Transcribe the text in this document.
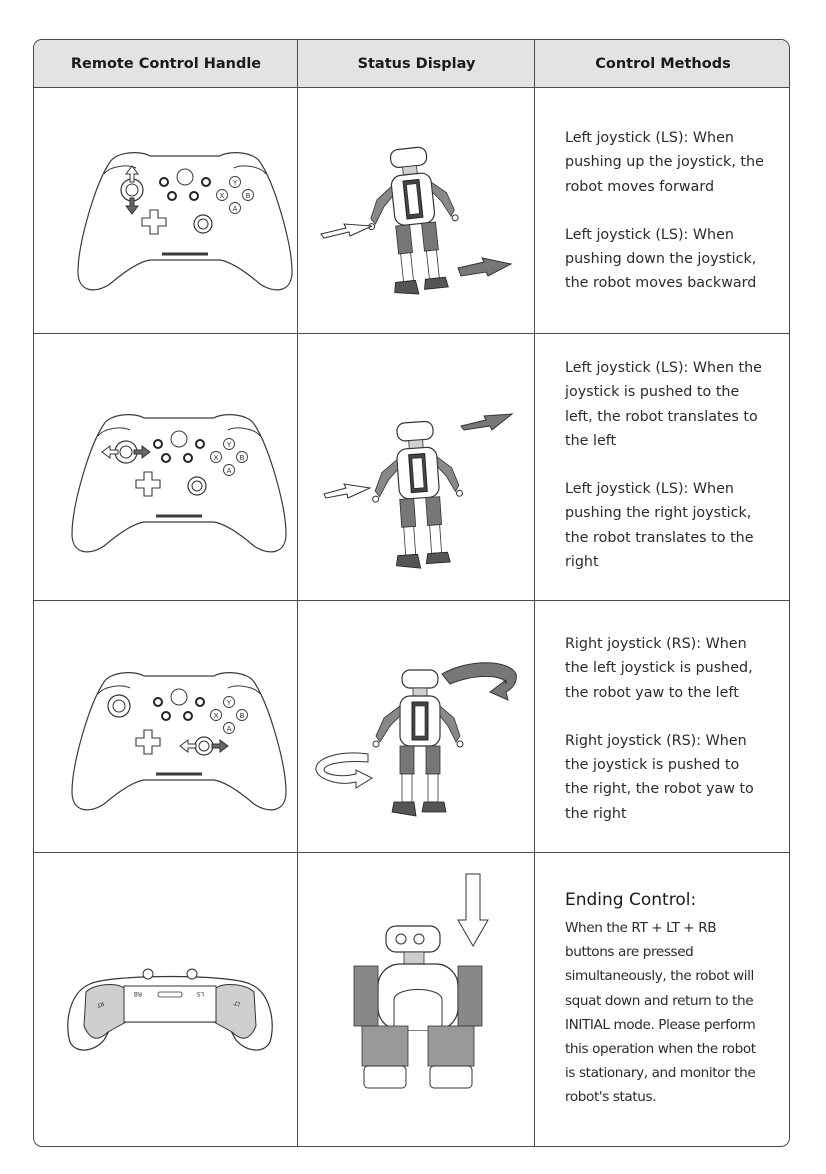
Remote Control Handle	Status Display	Control Methods

Left joystick (LS): When pushing up the joystick, the robot moves forward

Left joystick (LS): When pushing down the joystick, the robot moves backward

Left joystick (LS): When the joystick is pushed to the left, the robot translates to the left

Left joystick (LS): When pushing the right joystick, the robot translates to the right

Right joystick (RS): When the left joystick is pushed, the robot yaw to the left

Right joystick (RS): When the joystick is pushed to the right, the robot yaw to the right

RB
RT
LS
LT
Ending Control:
When the RT + LT + RB buttons are pressed simultaneously, the robot will squat down and return to the INITIAL mode. Please perform this operation when the robot is stationary, and monitor the robot's status.
